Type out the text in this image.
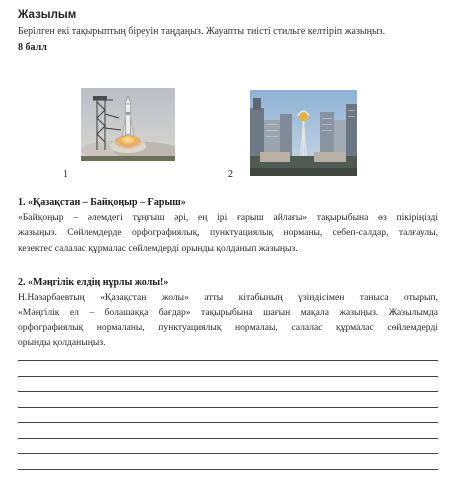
Жазылым
Берілген екі тақырыптың біреуін таңдаңыз. Жауапты тиісті стильге келтіріп жазыңыз.
8 балл
1	2
1. «Қазақстан – Байқоңыр – Ғарыш»
«Байқоңыр – әлемдегі тұңғыш әрі, ең ірі ғарыш айлағы» тақырыбына өз пікіріңізді
жазыңыз. Сөйлемдерде орфографиялық, пунктуациялық норманы, себеп-салдар, талғаулы,
кезектес салалас құрмалас сөйлемдерді орынды қолданып жазыңыз.
2. «Мәңгілік елдің нұрлы жолы!»
Н.Назарбаевтың «Қазақстан жолы» атты кітабының үзіндісімен танысa отырып,
«Мәңгілік ел – болашаққа бағдар» тақырыбына шағын мақала жазыңыз. Жазылымда
орфографиялық нормаланы, пунктуациялық нормалаы, салалас құрмалас сөйлемдерді
орынды қолданыңыз.
